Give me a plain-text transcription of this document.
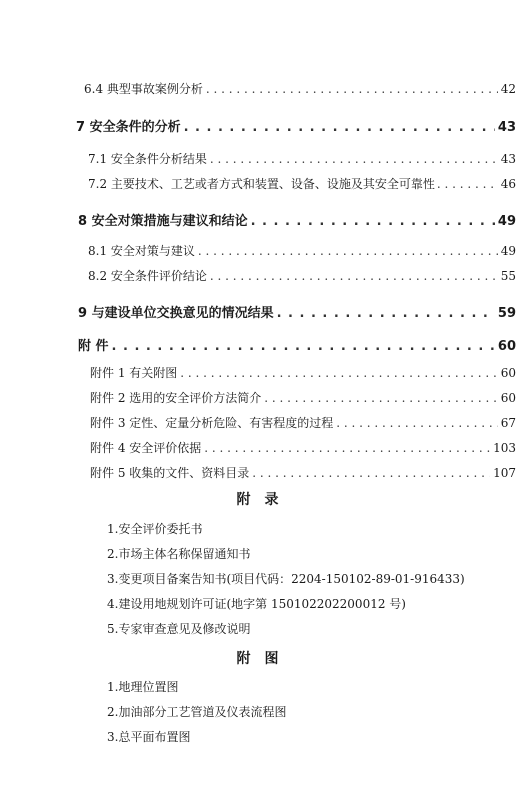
6.4 典型事故案例分析 . . .	42
7 安全条件的分析 . . .	43
7.1 安全条件分析结果 . . .	43
7.2 主要技术、工艺或者方式和装置、设备、设施及其安全可靠性 . . .	46
8 安全对策措施与建议和结论 . . .	49
8.1 安全对策与建议 . . .	49
8.2 安全条件评价结论 . . .	55
9 与建设单位交换意见的情况结果 . . .	59
附 件 . . .	60
附件 1 有关附图 . . .	60
附件 2 选用的安全评价方法简介 . . .	60
附件 3 定性、定量分析危险、有害程度的过程 . . .	67
附件 4 安全评价依据 . . .	103
附件 5 收集的文件、资料目录 . . .	107
附录
1.安全评价委托书
2.市场主体名称保留通知书
3.变更项目备案告知书(项目代码：2204-150102-89-01-916433)
4.建设用地规划许可证(地字第 150102202200012 号)
5.专家审查意见及修改说明
附图
1.地理位置图
2.加油部分工艺管道及仪表流程图
3.总平面布置图
